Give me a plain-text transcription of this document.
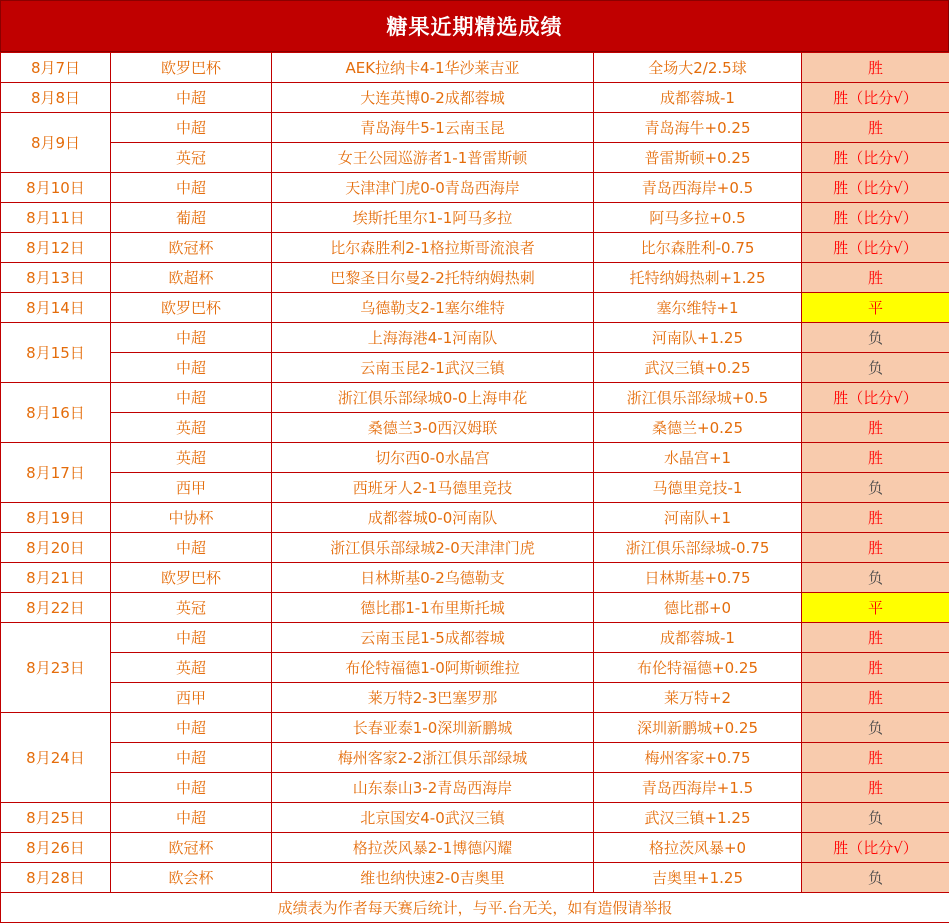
糖果近期精选成绩
8月7日	欧罗巴杯	AEK拉纳卡4-1华沙莱吉亚	全场大2/2.5球	胜
8月8日	中超	大连英博0-2成都蓉城	成都蓉城-1	胜（比分√）
8月9日	中超	青岛海牛5-1云南玉昆	青岛海牛+0.25	胜
	英冠	女王公园巡游者1-1普雷斯顿	普雷斯顿+0.25	胜（比分√）
8月10日	中超	天津津门虎0-0青岛西海岸	青岛西海岸+0.5	胜（比分√）
8月11日	葡超	埃斯托里尔1-1阿马多拉	阿马多拉+0.5	胜（比分√）
8月12日	欧冠杯	比尔森胜利2-1格拉斯哥流浪者	比尔森胜利-0.75	胜（比分√）
8月13日	欧超杯	巴黎圣日尔曼2-2托特纳姆热刺	托特纳姆热刺+1.25	胜
8月14日	欧罗巴杯	乌德勒支2-1塞尔维特	塞尔维特+1	平
8月15日	中超	上海海港4-1河南队	河南队+1.25	负
	中超	云南玉昆2-1武汉三镇	武汉三镇+0.25	负
8月16日	中超	浙江俱乐部绿城0-0上海申花	浙江俱乐部绿城+0.5	胜（比分√）
	英超	桑德兰3-0西汉姆联	桑德兰+0.25	胜
8月17日	英超	切尔西0-0水晶宫	水晶宫+1	胜
	西甲	西班牙人2-1马德里竞技	马德里竞技-1	负
8月19日	中协杯	成都蓉城0-0河南队	河南队+1	胜
8月20日	中超	浙江俱乐部绿城2-0天津津门虎	浙江俱乐部绿城-0.75	胜
8月21日	欧罗巴杯	日林斯基0-2乌德勒支	日林斯基+0.75	负
8月22日	英冠	德比郡1-1布里斯托城	德比郡+0	平
8月23日	中超	云南玉昆1-5成都蓉城	成都蓉城-1	胜
	英超	布伦特福德1-0阿斯顿维拉	布伦特福德+0.25	胜
	西甲	莱万特2-3巴塞罗那	莱万特+2	胜
8月24日	中超	长春亚泰1-0深圳新鹏城	深圳新鹏城+0.25	负
	中超	梅州客家2-2浙江俱乐部绿城	梅州客家+0.75	胜
	中超	山东泰山3-2青岛西海岸	青岛西海岸+1.5	胜
8月25日	中超	北京国安4-0武汉三镇	武汉三镇+1.25	负
8月26日	欧冠杯	格拉茨风暴2-1博德闪耀	格拉茨风暴+0	胜（比分√）
8月28日	欧会杯	维也纳快速2-0吉奥里	吉奥里+1.25	负
成绩表为作者每天赛后统计，与平.台无关，如有造假请举报				
